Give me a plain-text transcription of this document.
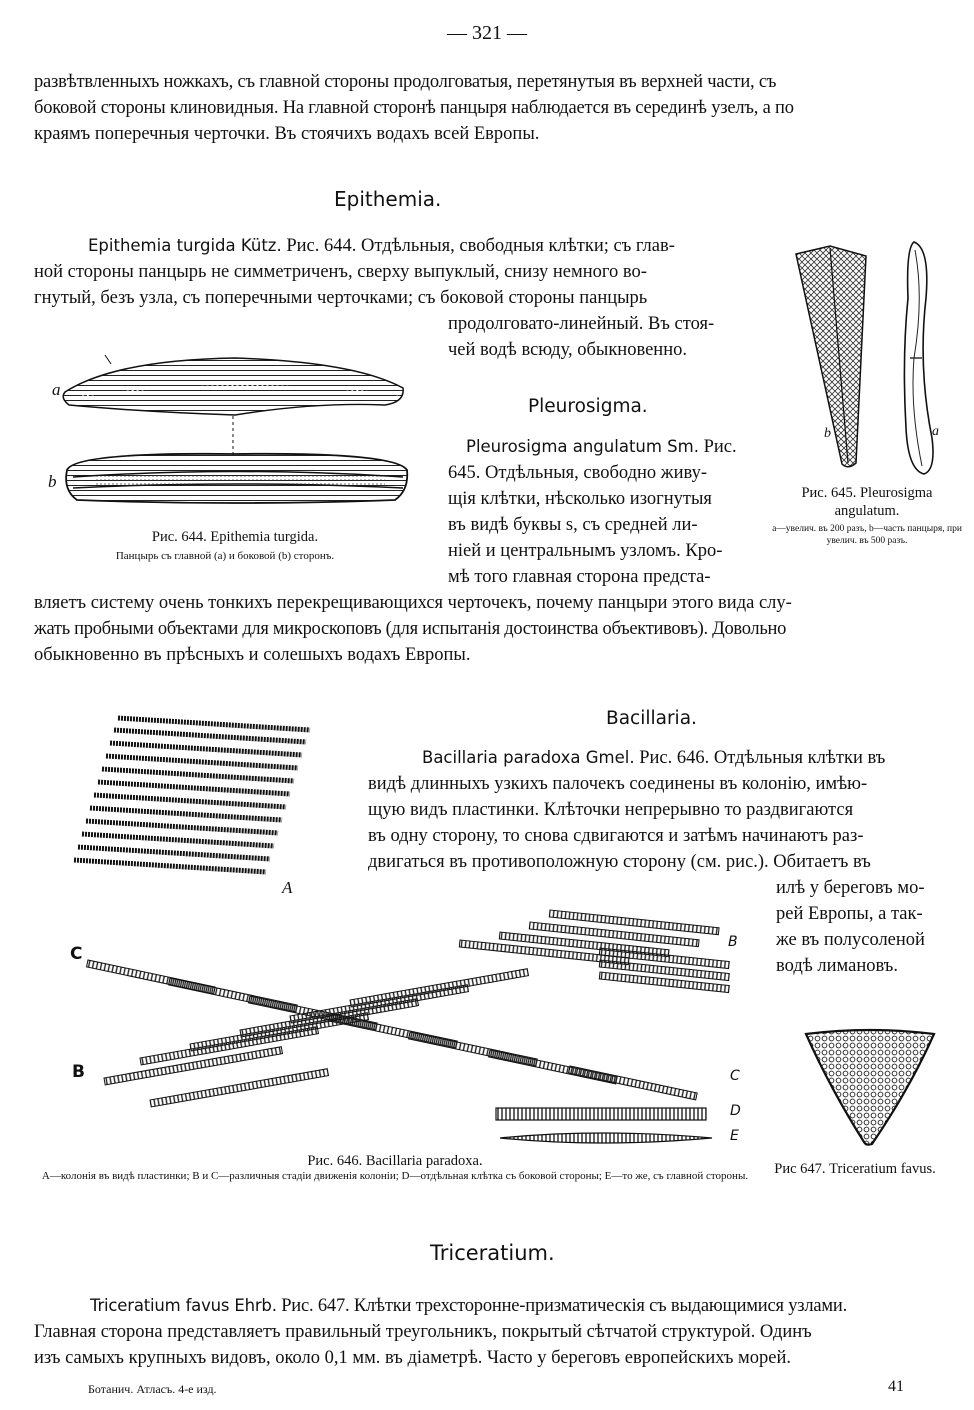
— 321 —
развѣтвленныхъ ножкахъ, съ главной стороны продолговатыя, перетянутыя въ верхней части, съ
боковой стороны клиновидныя. На главной сторонѣ панцыря наблюдается въ серединѣ узелъ, а по
краямъ поперечныя черточки. Въ стоячихъ водахъ всей Европы.
Epithemia.
Epithemia turgida Kütz. Рис. 644. Отдѣльныя, свободныя клѣтки; съ глав-
ной стороны панцырь не симметриченъ, сверху выпуклый, снизу немного во-
гнутый, безъ узла, съ поперечными черточками; съ боковой стороны панцырь
продолговато-линейный. Въ стоя-
чей водѣ всюду, обыкновенно.
a
b
Рис. 644. Epithemia turgida.
Панцырь съ главной (a) и боковой (b) сторонъ.
Pleurosigma.
Pleurosigma angulatum Sm. Рис.
645. Отдѣльныя, свободно живу-
щія клѣтки, нѣсколько изогнутыя
въ видѣ буквы s, съ средней ли-
ніей и центральнымъ узломъ. Кро-
мѣ того главная сторона предста-
вляетъ систему очень тонкихъ перекрещивающихся черточекъ, почему панцыри этого вида слу-
жать пробными объектами для микроскоповъ (для испытанія достоинства объективовъ). Довольно
обыкновенно въ прѣсныхъ и солешыхъ водахъ Европы.
b	a
Рис. 645. Pleurosigma angulatum.
a—увелич. въ 200 разъ, b—часть панцыря, при увелич. въ 500 разъ.
Bacillaria.
Bacillaria paradoxa Gmel. Рис. 646. Отдѣльныя клѣтки въ
видѣ длинныхъ узкихъ палочекъ соединены въ колонію, имѣю-
щую видъ пластинки. Клѣточки непрерывно то раздвигаются
въ одну сторону, то снова сдвигаются и затѣмъ начинаютъ раз-
двигаться въ противоположную сторону (см. рис.). Обитаетъ въ
илѣ у береговъ мо-
рей Европы, а так-
же въ полусоленой
водѣ лимановъ.
A
B
C
B	C
D
E
Рис. 646. Bacillaria paradoxa.
A—колонія въ видѣ пластинки; B и C—различныя стадіи движенія колоніи; D—отдѣльная клѣтка съ боковой стороны; E—то же, съ главной стороны.	Рис 647. Triceratium favus.
Triceratium.
Triceratium favus Ehrb. Рис. 647. Клѣтки трехсторонне-призматическія съ выдающимися узлами.
Главная сторона представляетъ правильный треугольникъ, покрытый сѣтчатой структурой. Одинъ
изъ самыхъ крупныхъ видовъ, около 0,1 мм. въ діаметрѣ. Часто у береговъ европейскихъ морей.
Ботанич. Атласъ. 4-е изд.	41
